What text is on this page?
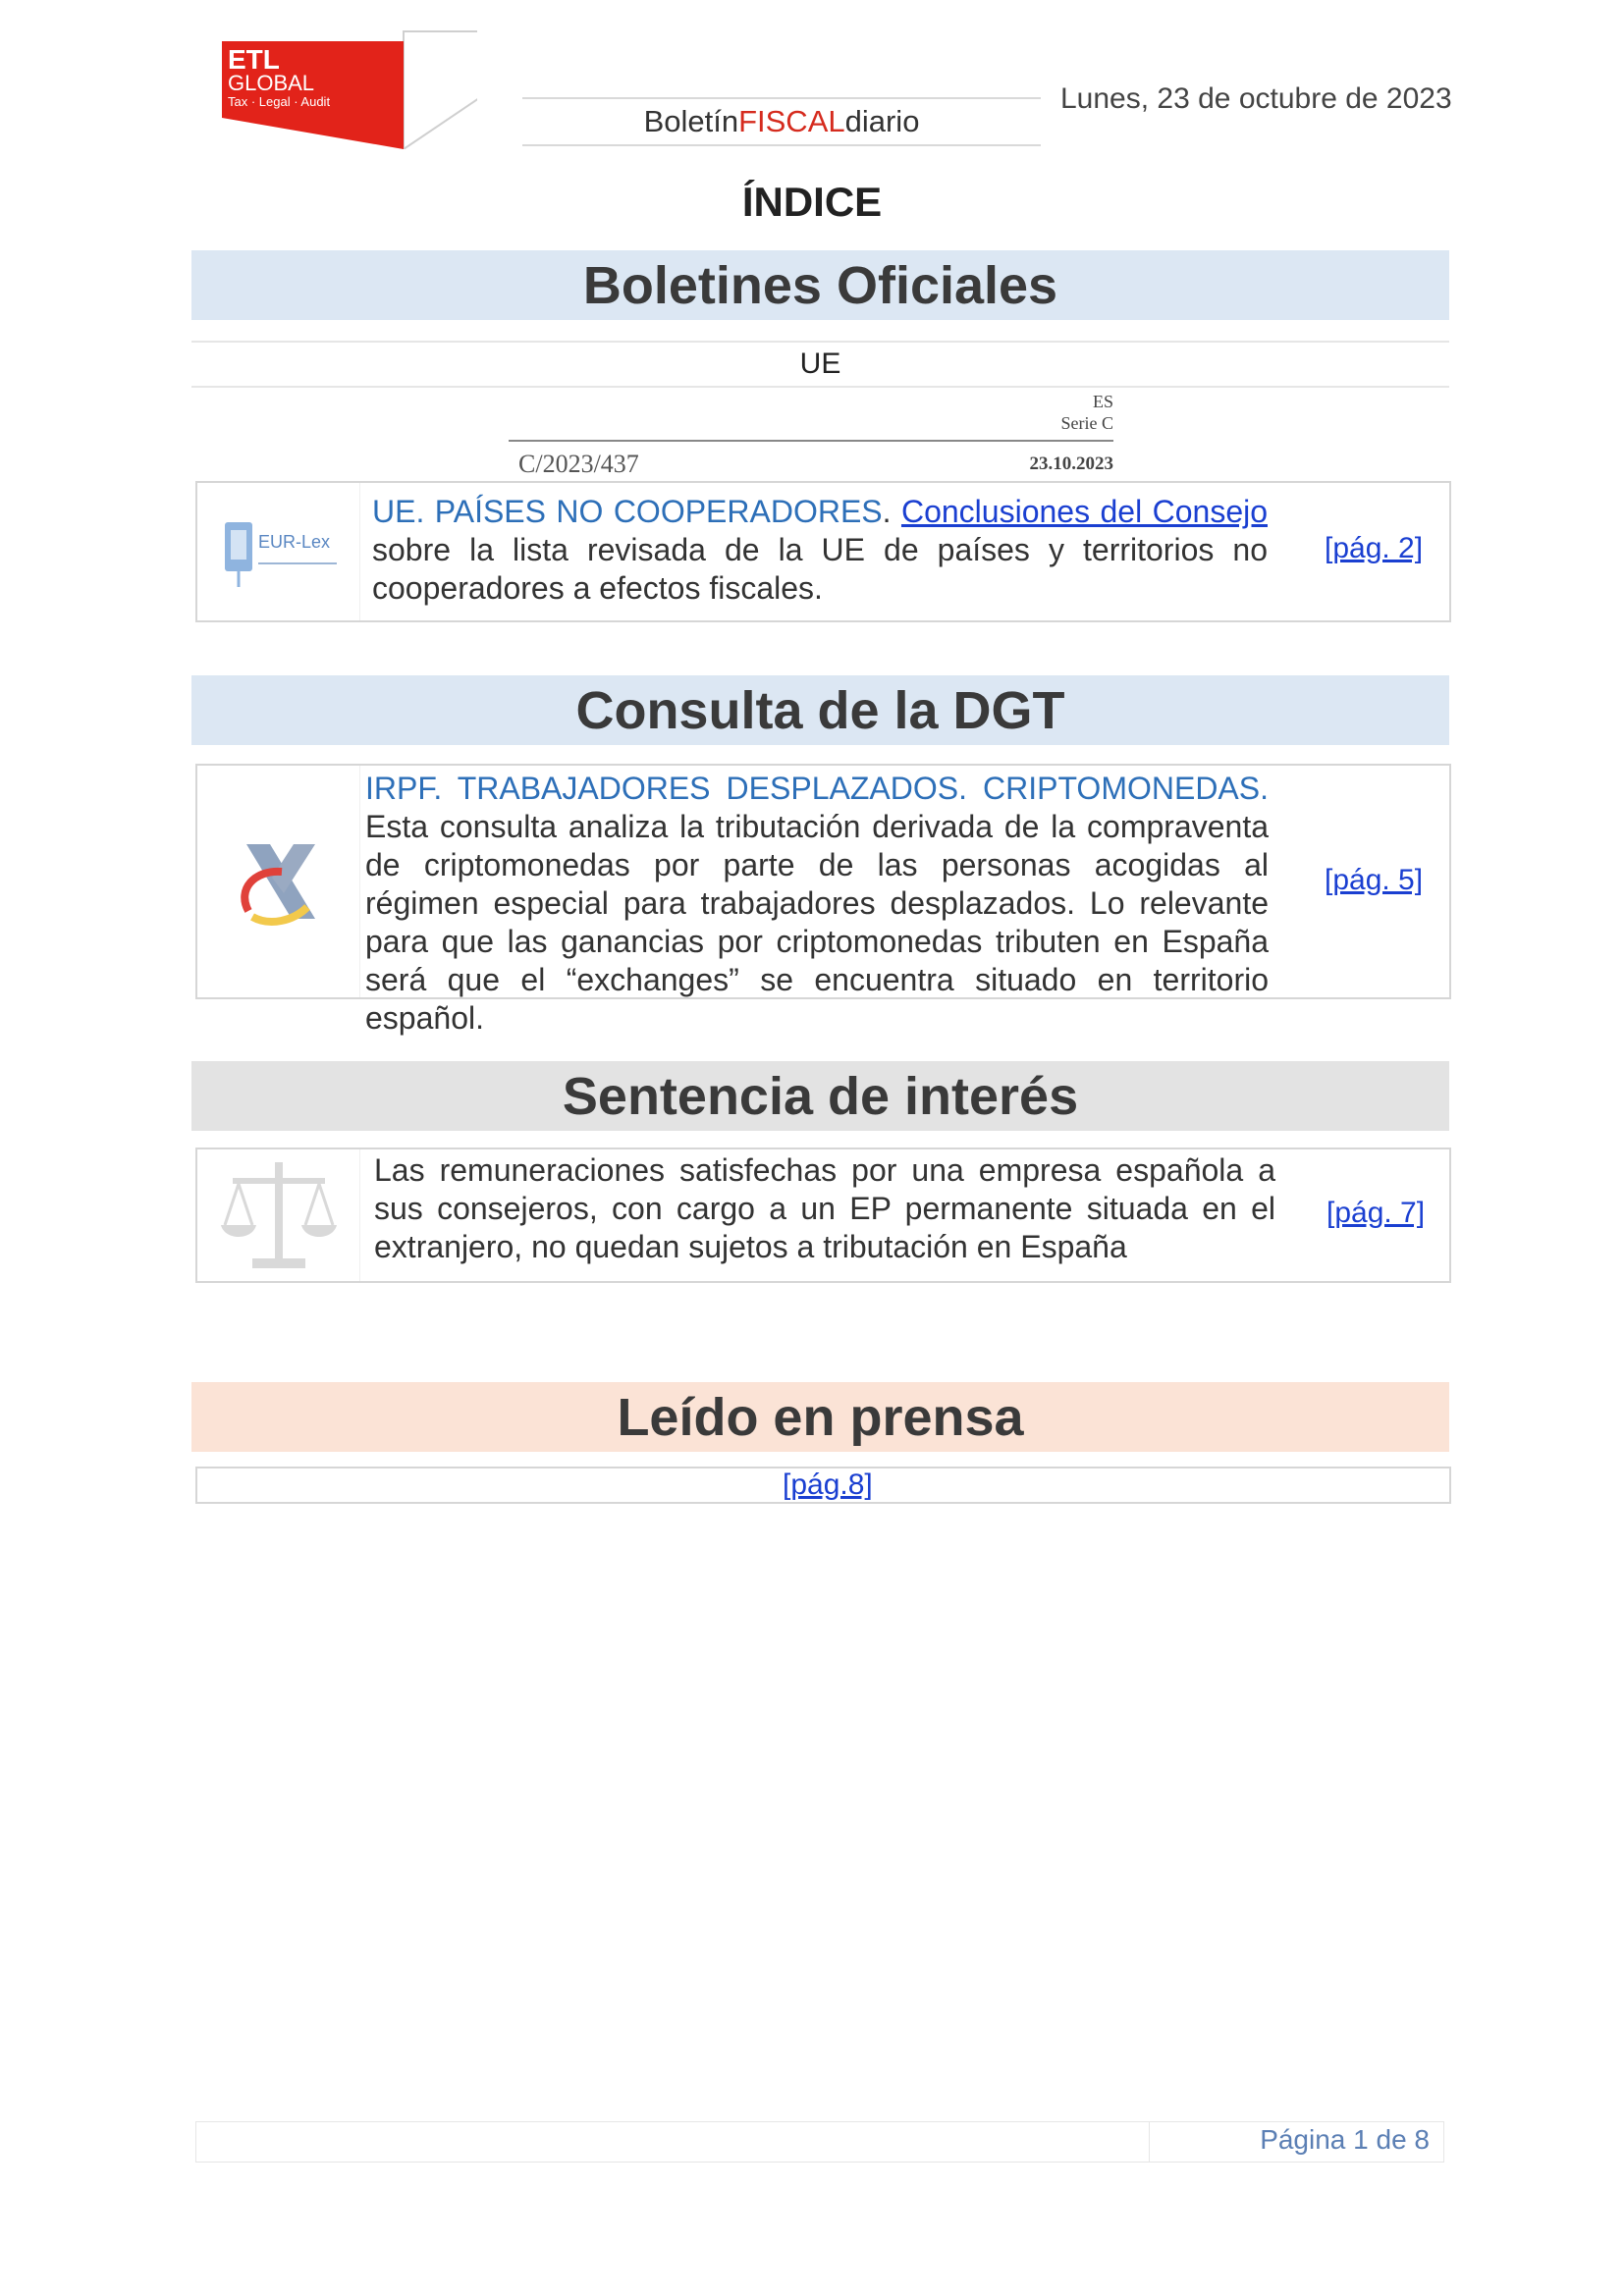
ETL
GLOBAL
Tax · Legal · Audit
Boletín FISCAL diario
Lunes, 23 de octubre de 2023
ÍNDICE
Boletines Oficiales
UE
ES
Serie C
C/2023/437	23.10.2023
EUR-Lex
UE. PAÍSES NO COOPERADORES. Conclusiones del Consejo sobre la lista revisada de la UE de países y territorios no cooperadores a efectos fiscales.
[pág. 2]
Consulta de la DGT
IRPF. TRABAJADORES DESPLAZADOS. CRIPTOMONEDAS. Esta consulta analiza la tributación derivada de la compraventa de criptomonedas por parte de las personas acogidas al régimen especial para trabajadores desplazados. Lo relevante para que las ganancias por criptomonedas tributen en España será que el “exchanges” se encuentra situado en territorio español.
[pág. 5]
Sentencia de interés
Las remuneraciones satisfechas por una empresa española a sus consejeros, con cargo a un EP permanente situada en el extranjero, no quedan sujetos a tributación en España
[pág. 7]
Leído en prensa
[pág.8]
Página 1 de 8
